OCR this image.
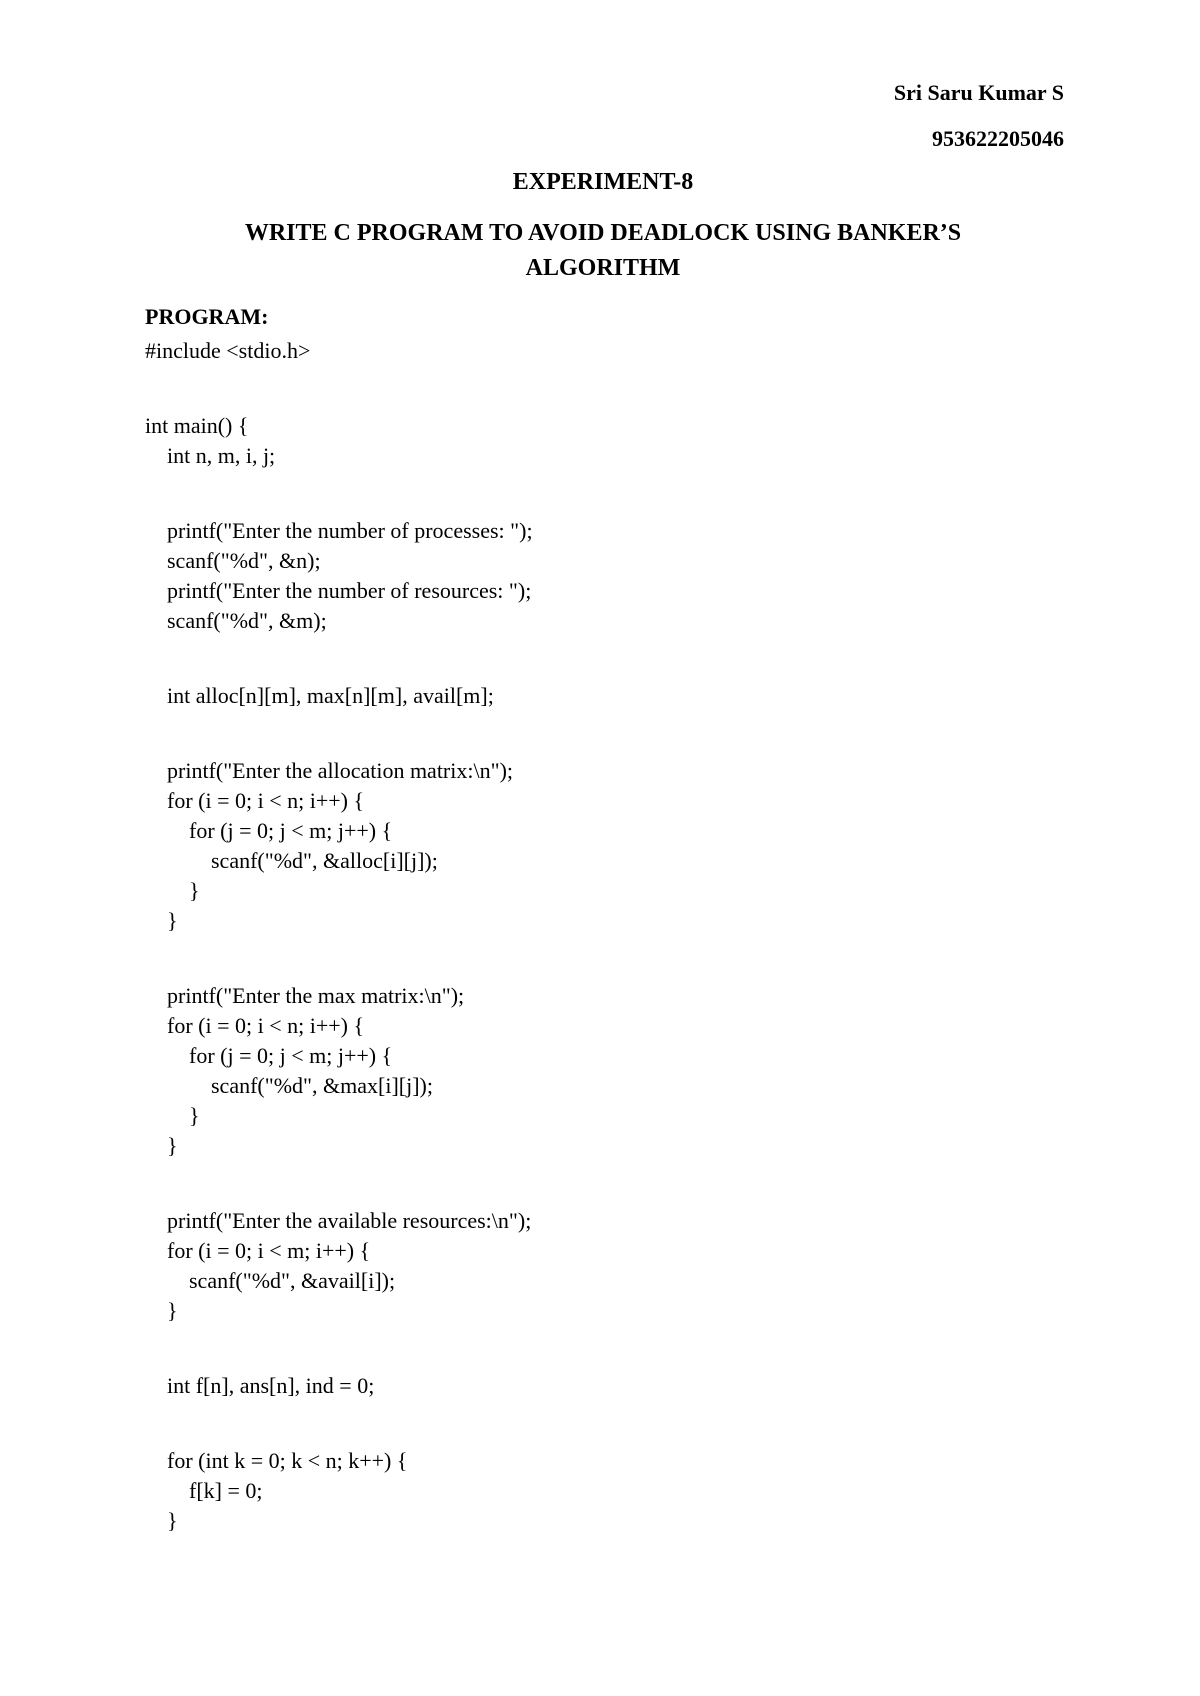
Sri Saru Kumar S
953622205046
EXPERIMENT-8
WRITE C PROGRAM TO AVOID DEADLOCK USING BANKER’S
ALGORITHM
PROGRAM:
#include <stdio.h>
int main() {
int n, m, i, j;
printf("Enter the number of processes: ");
scanf("%d", &n);
printf("Enter the number of resources: ");
scanf("%d", &m);
int alloc[n][m], max[n][m], avail[m];
printf("Enter the allocation matrix:\n");
for (i = 0; i < n; i++) {
for (j = 0; j < m; j++) {
scanf("%d", &alloc[i][j]);
}
}
printf("Enter the max matrix:\n");
for (i = 0; i < n; i++) {
for (j = 0; j < m; j++) {
scanf("%d", &max[i][j]);
}
}
printf("Enter the available resources:\n");
for (i = 0; i < m; i++) {
scanf("%d", &avail[i]);
}
int f[n], ans[n], ind = 0;
for (int k = 0; k < n; k++) {
f[k] = 0;
}
